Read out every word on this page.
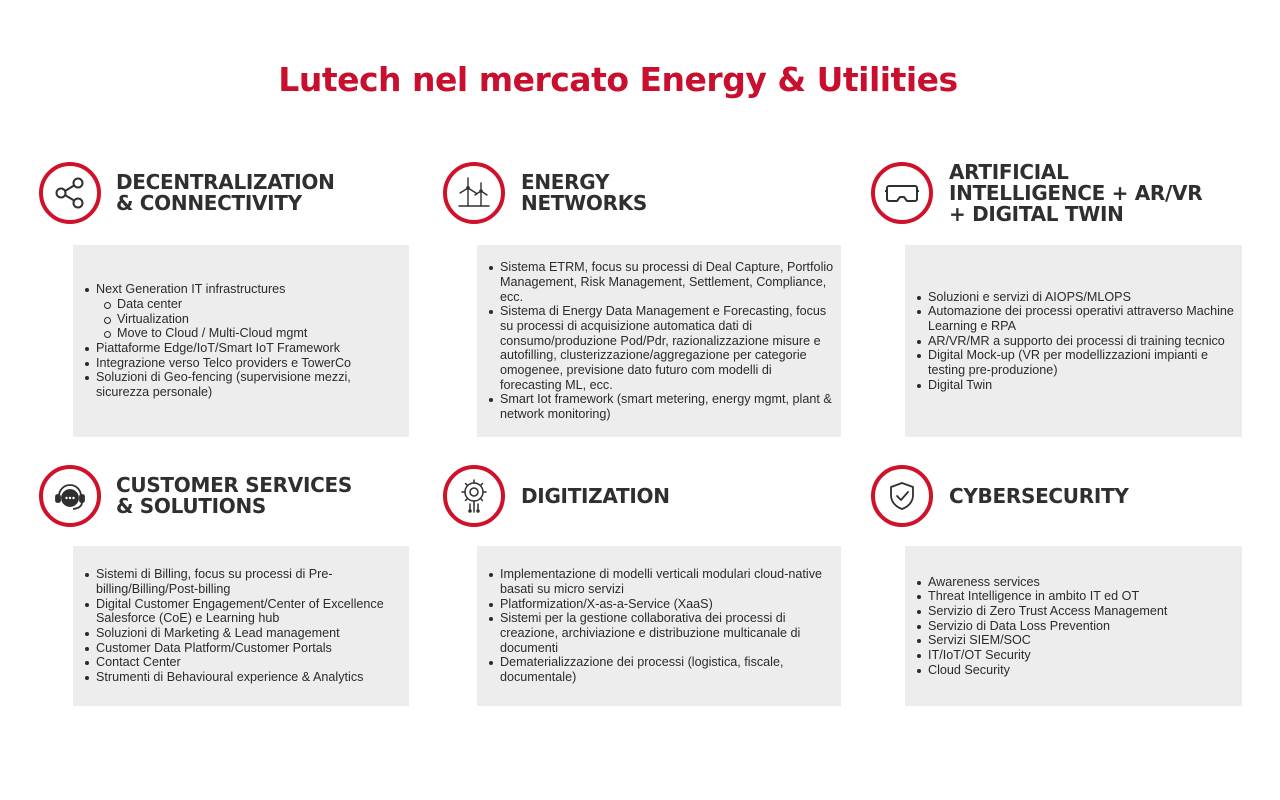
Lutech nel mercato Energy & Utilities
DECENTRALIZATION
& CONNECTIVITY
Next Generation IT infrastructures
Data center
Virtualization
Move to Cloud / Multi-Cloud mgmt
Piattaforme Edge/IoT/Smart IoT Framework
Integrazione verso Telco providers e TowerCo
Soluzioni di Geo-fencing (supervisione mezzi, sicurezza personale)
ENERGY
NETWORKS
Sistema ETRM, focus su processi di Deal Capture, Portfolio Management, Risk Management, Settlement, Compliance, ecc.
Sistema di Energy Data Management e Forecasting, focus su processi di acquisizione automatica dati di consumo/produzione Pod/Pdr, razionalizzazione misure e autofilling, clusterizzazione/aggregazione per categorie omogenee, previsione dato futuro com modelli di forecasting ML, ecc.
Smart Iot framework (smart metering, energy mgmt, plant & network monitoring)
ARTIFICIAL
INTELLIGENCE + AR/VR
+ DIGITAL TWIN
Soluzioni e servizi di AIOPS/MLOPS
Automazione dei processi operativi attraverso Machine Learning e RPA
AR/VR/MR a supporto dei processi di training tecnico
Digital Mock-up (VR per modellizzazioni impianti e testing pre-produzione)
Digital Twin
CUSTOMER SERVICES
& SOLUTIONS
Sistemi di Billing, focus su processi di Pre-billing/Billing/Post-billing
Digital Customer Engagement/Center of Excellence Salesforce (CoE) e Learning hub
Soluzioni di Marketing & Lead management
Customer Data Platform/Customer Portals
Contact Center
Strumenti di Behavioural experience & Analytics
DIGITIZATION
Implementazione di modelli verticali modulari cloud-native basati su micro servizi
Platformization/X-as-a-Service (XaaS)
Sistemi per la gestione collaborativa dei processi di creazione, archiviazione e distribuzione multicanale di documenti
Dematerializzazione dei processi (logistica, fiscale, documentale)
CYBERSECURITY
Awareness services
Threat Intelligence in ambito IT ed OT
Servizio di Zero Trust Access Management
Servizio di Data Loss Prevention
Servizi SIEM/SOC
IT/IoT/OT Security
Cloud Security
